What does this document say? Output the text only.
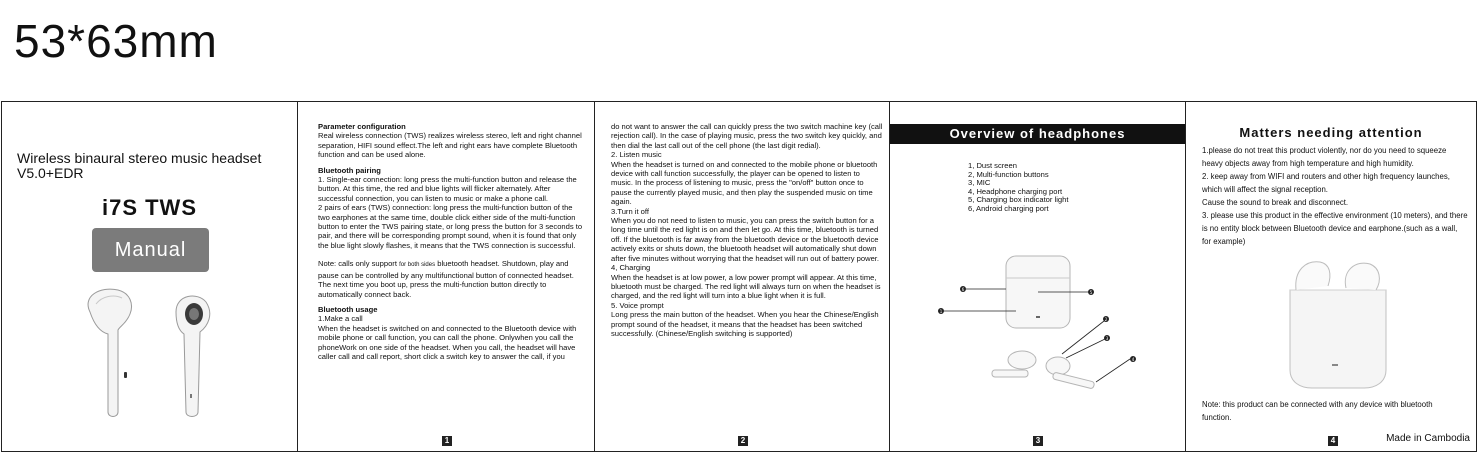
53*63mm
Wireless binaural stereo music headset
V5.0+EDR
i7S TWS
Manual

Parameter configuration

Real wireless connection (TWS) realizes wireless stereo, left and right channel separation, HIFI sound effect.The left and right ears have complete Bluetooth function and can be used alone.

Bluetooth pairing

1. Single-ear connection: long press the multi-function button and release the button. At this time, the red and blue lights will flicker alternately. After successful connection, you can listen to music or make a phone call.

2 pairs of ears (TWS) connection: long press the multi-function button of the two earphones at the same time, double click either side of the multi-function button to enter the TWS pairing state, or long press the button for 3 seconds to pair, and there will be corresponding prompt sound, when it is found that only the blue light slowly flashes, it means that the TWS connection is successful.

Note: calls only support for both sides bluetooth headset. Shutdown, play and pause can be controlled by any multifunctional button of connected headset. The next time you boot up, press the multi-function button directly to automatically connect back.

Bluetooth usage

1.Make a call

When the headset is switched on and connected to the Bluetooth device with mobile phone or call function, you can call the phone. Onlywhen you call the phoneWork on one side of the headset. When you call, the headset will have caller call and call report, short click a switch key to answer the call, if you

1

do not want to answer the call can quickly press the two switch machine key (call rejection call). In the case of playing music, press the two switch key quickly, and then dial the last call out of the cell phone (the last digit redial).

2. Listen music

When the headset is turned on and connected to the mobile phone or bluetooth device with call function successfully, the player can be opened to listen to music. In the process of listening to music, press the "on/off" button once to pause the currently played music, and then play the suspended music on time again.

3.Turn it off

When you do not need to listen to music, you can press the switch button for a long time until the red light is on and then let go. At this time, bluetooth is turned off. If the bluetooth is far away from the bluetooth device or the bluetooth device actively exits or shuts down, the bluetooth headset will automatically shut down after five minutes without worrying that the headset will run out of battery power.

4, Charging

When the headset is at low power, a low power prompt will appear. At this time, bluetooth must be charged. The red light will always turn on when the headset is charged, and the red light will turn into a blue light when it is full.

5. Voice prompt

Long press the main button of the headset. When you hear the Chinese/English prompt sound of the headset, it means that the headset has been switched successfully. (Chinese/English switching is supported)

2
Overview of headphones
1, Dust screen
2, Multi-function buttons
3, MIC
4, Headphone charging port
5, Charging box indicator light
6, Android charging port
6
5
1
2
3
4
3
Matters needing attention
1.please do not treat this product violently, nor do you need to squeeze heavy objects away from high temperature and high humidity.
2. keep away from WIFI and routers and other high frequency launches, which will affect the signal reception.
Cause the sound to break and disconnect.
3. please use this product in the effective environment (10 meters), and there is no entity block between Bluetooth device and earphone.(such as a wall, for example)
Note: this product can be connected with any device with bluetooth function.
4	Made in Cambodia
